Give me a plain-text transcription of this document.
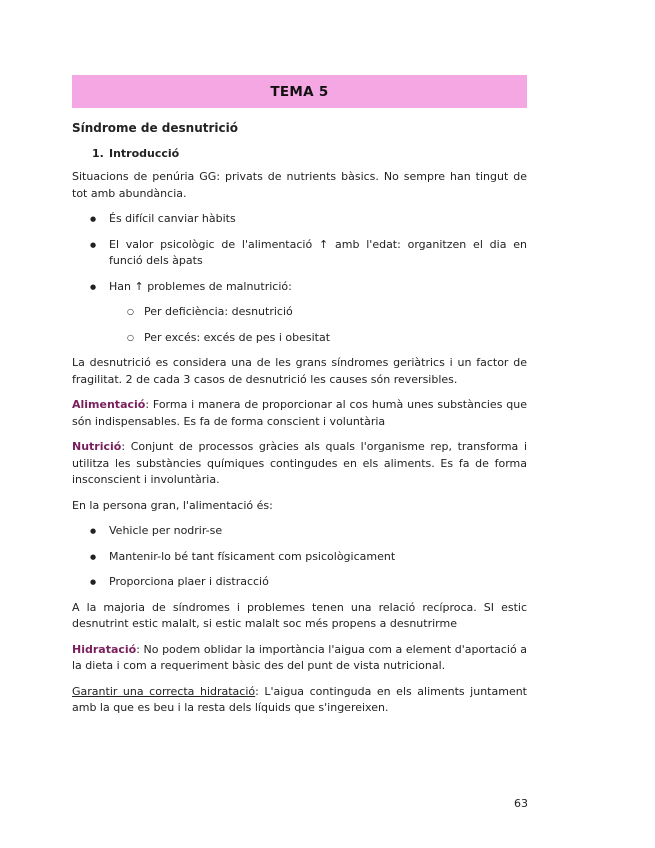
TEMA 5
Síndrome de desnutrició
1. Introducció

Situacions de penúria GG: privats de nutrients bàsics. No sempre han tingut de tot amb abundància.

● És difícil canviar hàbits
● El valor psicològic de l'alimentació ↑ amb l'edat: organitzen el dia en funció dels àpats
● Han ↑ problemes de malnutrició:
○ Per deficiència: desnutrició
○ Per excés: excés de pes i obesitat

La desnutrició es considera una de les grans síndromes geriàtrics i un factor de fragilitat. 2 de cada 3 casos de desnutrició les causes són reversibles.

Alimentació: Forma i manera de proporcionar al cos humà unes substàncies que són indispensables. Es fa de forma conscient i voluntària

Nutrició: Conjunt de processos gràcies als quals l'organisme rep, transforma i utilitza les substàncies químiques contingudes en els aliments. Es fa de forma insconscient i involuntària.

En la persona gran, l'alimentació és:

● Vehicle per nodrir-se
● Mantenir-lo bé tant físicament com psicològicament
● Proporciona plaer i distracció

A la majoria de síndromes i problemes tenen una relació recíproca. SI estic desnutrint estic malalt, si estic malalt soc més propens a desnutrirme

Hidratació: No podem oblidar la importància l'aigua com a element d'aportació a la dieta i com a requeriment bàsic des del punt de vista nutricional.

Garantir una correcta hidratació: L'aigua continguda en els aliments juntament amb la que es beu i la resta dels líquids que s'ingereixen.

63
